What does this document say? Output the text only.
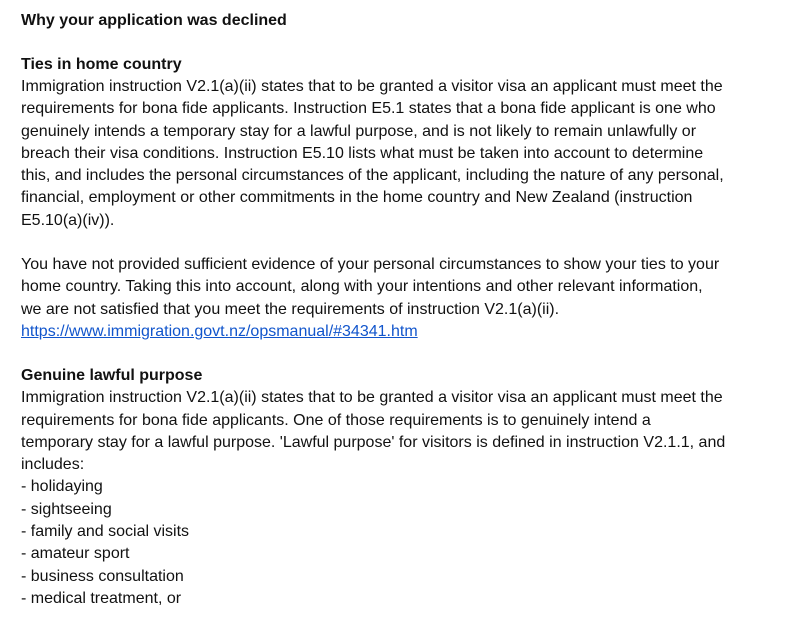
Why your application was declined
Ties in home country

Immigration instruction V2.1(a)(ii) states that to be granted a visitor visa an applicant must meet the
requirements for bona fide applicants. Instruction E5.1 states that a bona fide applicant is one who
genuinely intends a temporary stay for a lawful purpose, and is not likely to remain unlawfully or
breach their visa conditions. Instruction E5.10 lists what must be taken into account to determine
this, and includes the personal circumstances of the applicant, including the nature of any personal,
financial, employment or other commitments in the home country and New Zealand (instruction
E5.10(a)(iv)).

You have not provided sufficient evidence of your personal circumstances to show your ties to your
home country. Taking this into account, along with your intentions and other relevant information,
we are not satisfied that you meet the requirements of instruction V2.1(a)(ii).

https://www.immigration.govt.nz/opsmanual/#34341.htm
Genuine lawful purpose

Immigration instruction V2.1(a)(ii) states that to be granted a visitor visa an applicant must meet the
requirements for bona fide applicants. One of those requirements is to genuinely intend a
temporary stay for a lawful purpose. 'Lawful purpose' for visitors is defined in instruction V2.1.1, and
includes:

- holidaying
- sightseeing
- family and social visits
- amateur sport
- business consultation
- medical treatment, or
